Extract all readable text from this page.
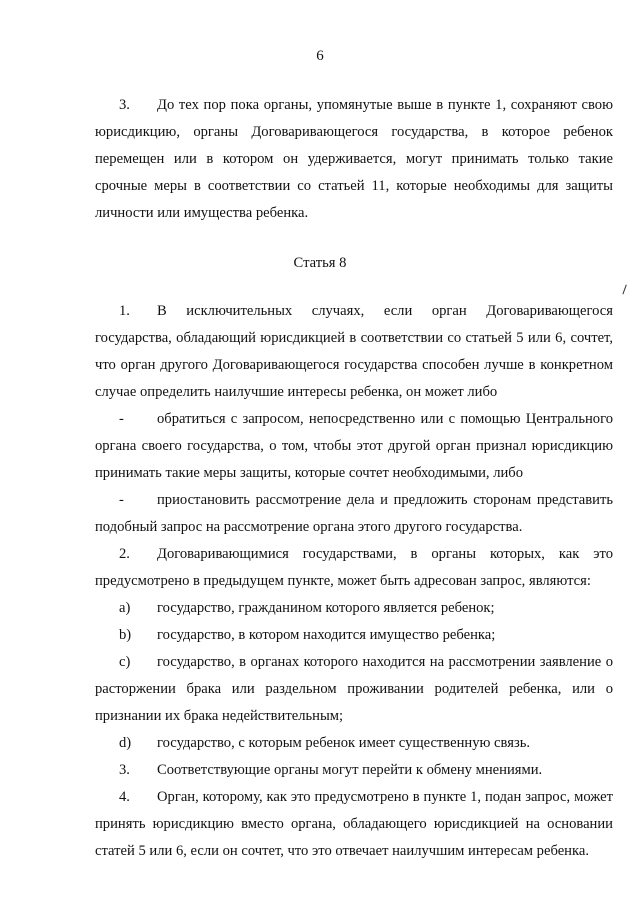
6

3. До тех пор пока органы, упомянутые выше в пункте 1, сохраняют свою юрисдикцию, органы Договаривающегося государства, в которое ребенок перемещен или в котором он удерживается, могут принимать только такие срочные меры в соответствии со статьей 11, которые необходимы для защиты личности или имущества ребенка.

Статья 8

1. В исключительных случаях, если орган Договаривающегося государства, обладающий юрисдикцией в соответствии со статьей 5 или 6, сочтет, что орган другого Договаривающегося государства способен лучше в конкретном случае определить наилучшие интересы ребенка, он может либо

- обратиться с запросом, непосредственно или с помощью Центрального органа своего государства, о том, чтобы этот другой орган признал юрисдикцию принимать такие меры защиты, которые сочтет необходимыми, либо

- приостановить рассмотрение дела и предложить сторонам представить подобный запрос на рассмотрение органа этого другого государства.

2. Договаривающимися государствами, в органы которых, как это предусмотрено в предыдущем пункте, может быть адресован запрос, являются:

a) государство, гражданином которого является ребенок;

b) государство, в котором находится имущество ребенка;

c) государство, в органах которого находится на рассмотрении заявление о расторжении брака или раздельном проживании родителей ребенка, или о признании их брака недействительным;

d) государство, с которым ребенок имеет существенную связь.

3. Соответствующие органы могут перейти к обмену мнениями.

4. Орган, которому, как это предусмотрено в пункте 1, подан запрос, может принять юрисдикцию вместо органа, обладающего юрисдикцией на основании статей 5 или 6, если он сочтет, что это отвечает наилучшим интересам ребенка.
